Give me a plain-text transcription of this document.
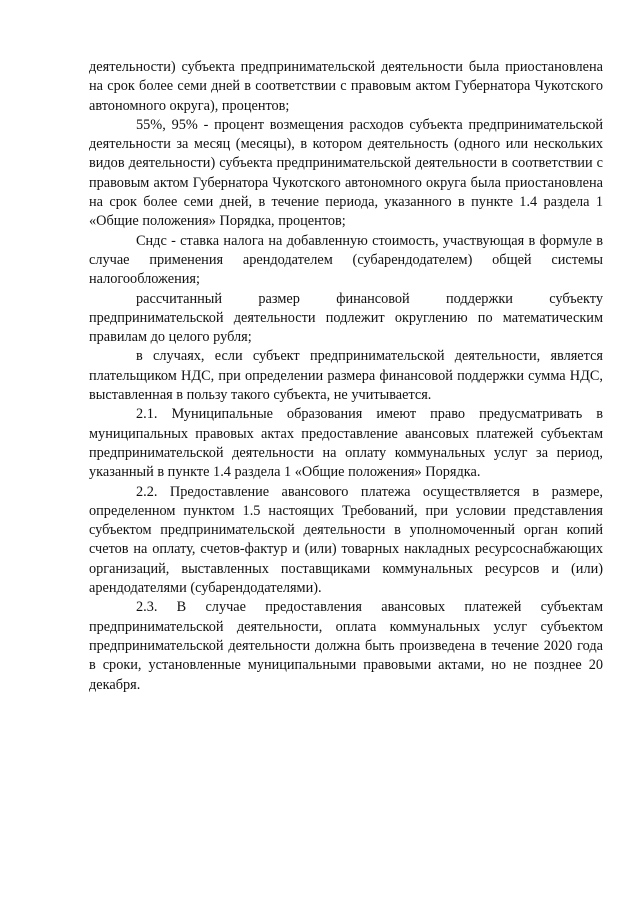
деятельности) субъекта предпринимательской деятельности была приостановлена на срок более семи дней в соответствии с правовым актом Губернатора Чукотского автономного округа), процентов;

55%, 95% - процент возмещения расходов субъекта предпринимательской деятельности за месяц (месяцы), в котором деятельность (одного или нескольких видов деятельности) субъекта предпринимательской деятельности в соответствии с правовым актом Губернатора Чукотского автономного округа была приостановлена на срок более семи дней, в течение периода, указанного в пункте 1.4 раздела 1 «Общие положения» Порядка, процентов;

Cндс - ставка налога на добавленную стоимость, участвующая в формуле в случае применения арендодателем (субарендодателем) общей системы налогообложения;

рассчитанный размер финансовой поддержки субъекту предпринимательской деятельности подлежит округлению по математическим правилам до целого рубля;

в случаях, если субъект предпринимательской деятельности, является плательщиком НДС, при определении размера финансовой поддержки сумма НДС, выставленная в пользу такого субъекта, не учитывается.

2.1. Муниципальные образования имеют право предусматривать в муниципальных правовых актах предоставление авансовых платежей субъектам предпринимательской деятельности на оплату коммунальных услуг за период, указанный в пункте 1.4 раздела 1 «Общие положения» Порядка.

2.2. Предоставление авансового платежа осуществляется в размере, определенном пунктом 1.5 настоящих Требований, при условии представления субъектом предпринимательской деятельности в уполномоченный орган копий счетов на оплату, счетов-фактур и (или) товарных накладных ресурсоснабжающих организаций, выставленных поставщиками коммунальных ресурсов и (или) арендодателями (субарендодателями).

2.3. В случае предоставления авансовых платежей субъектам предпринимательской деятельности, оплата коммунальных услуг субъектом предпринимательской деятельности должна быть произведена в течение 2020 года в сроки, установленные муниципальными правовыми актами, но не позднее 20 декабря.
